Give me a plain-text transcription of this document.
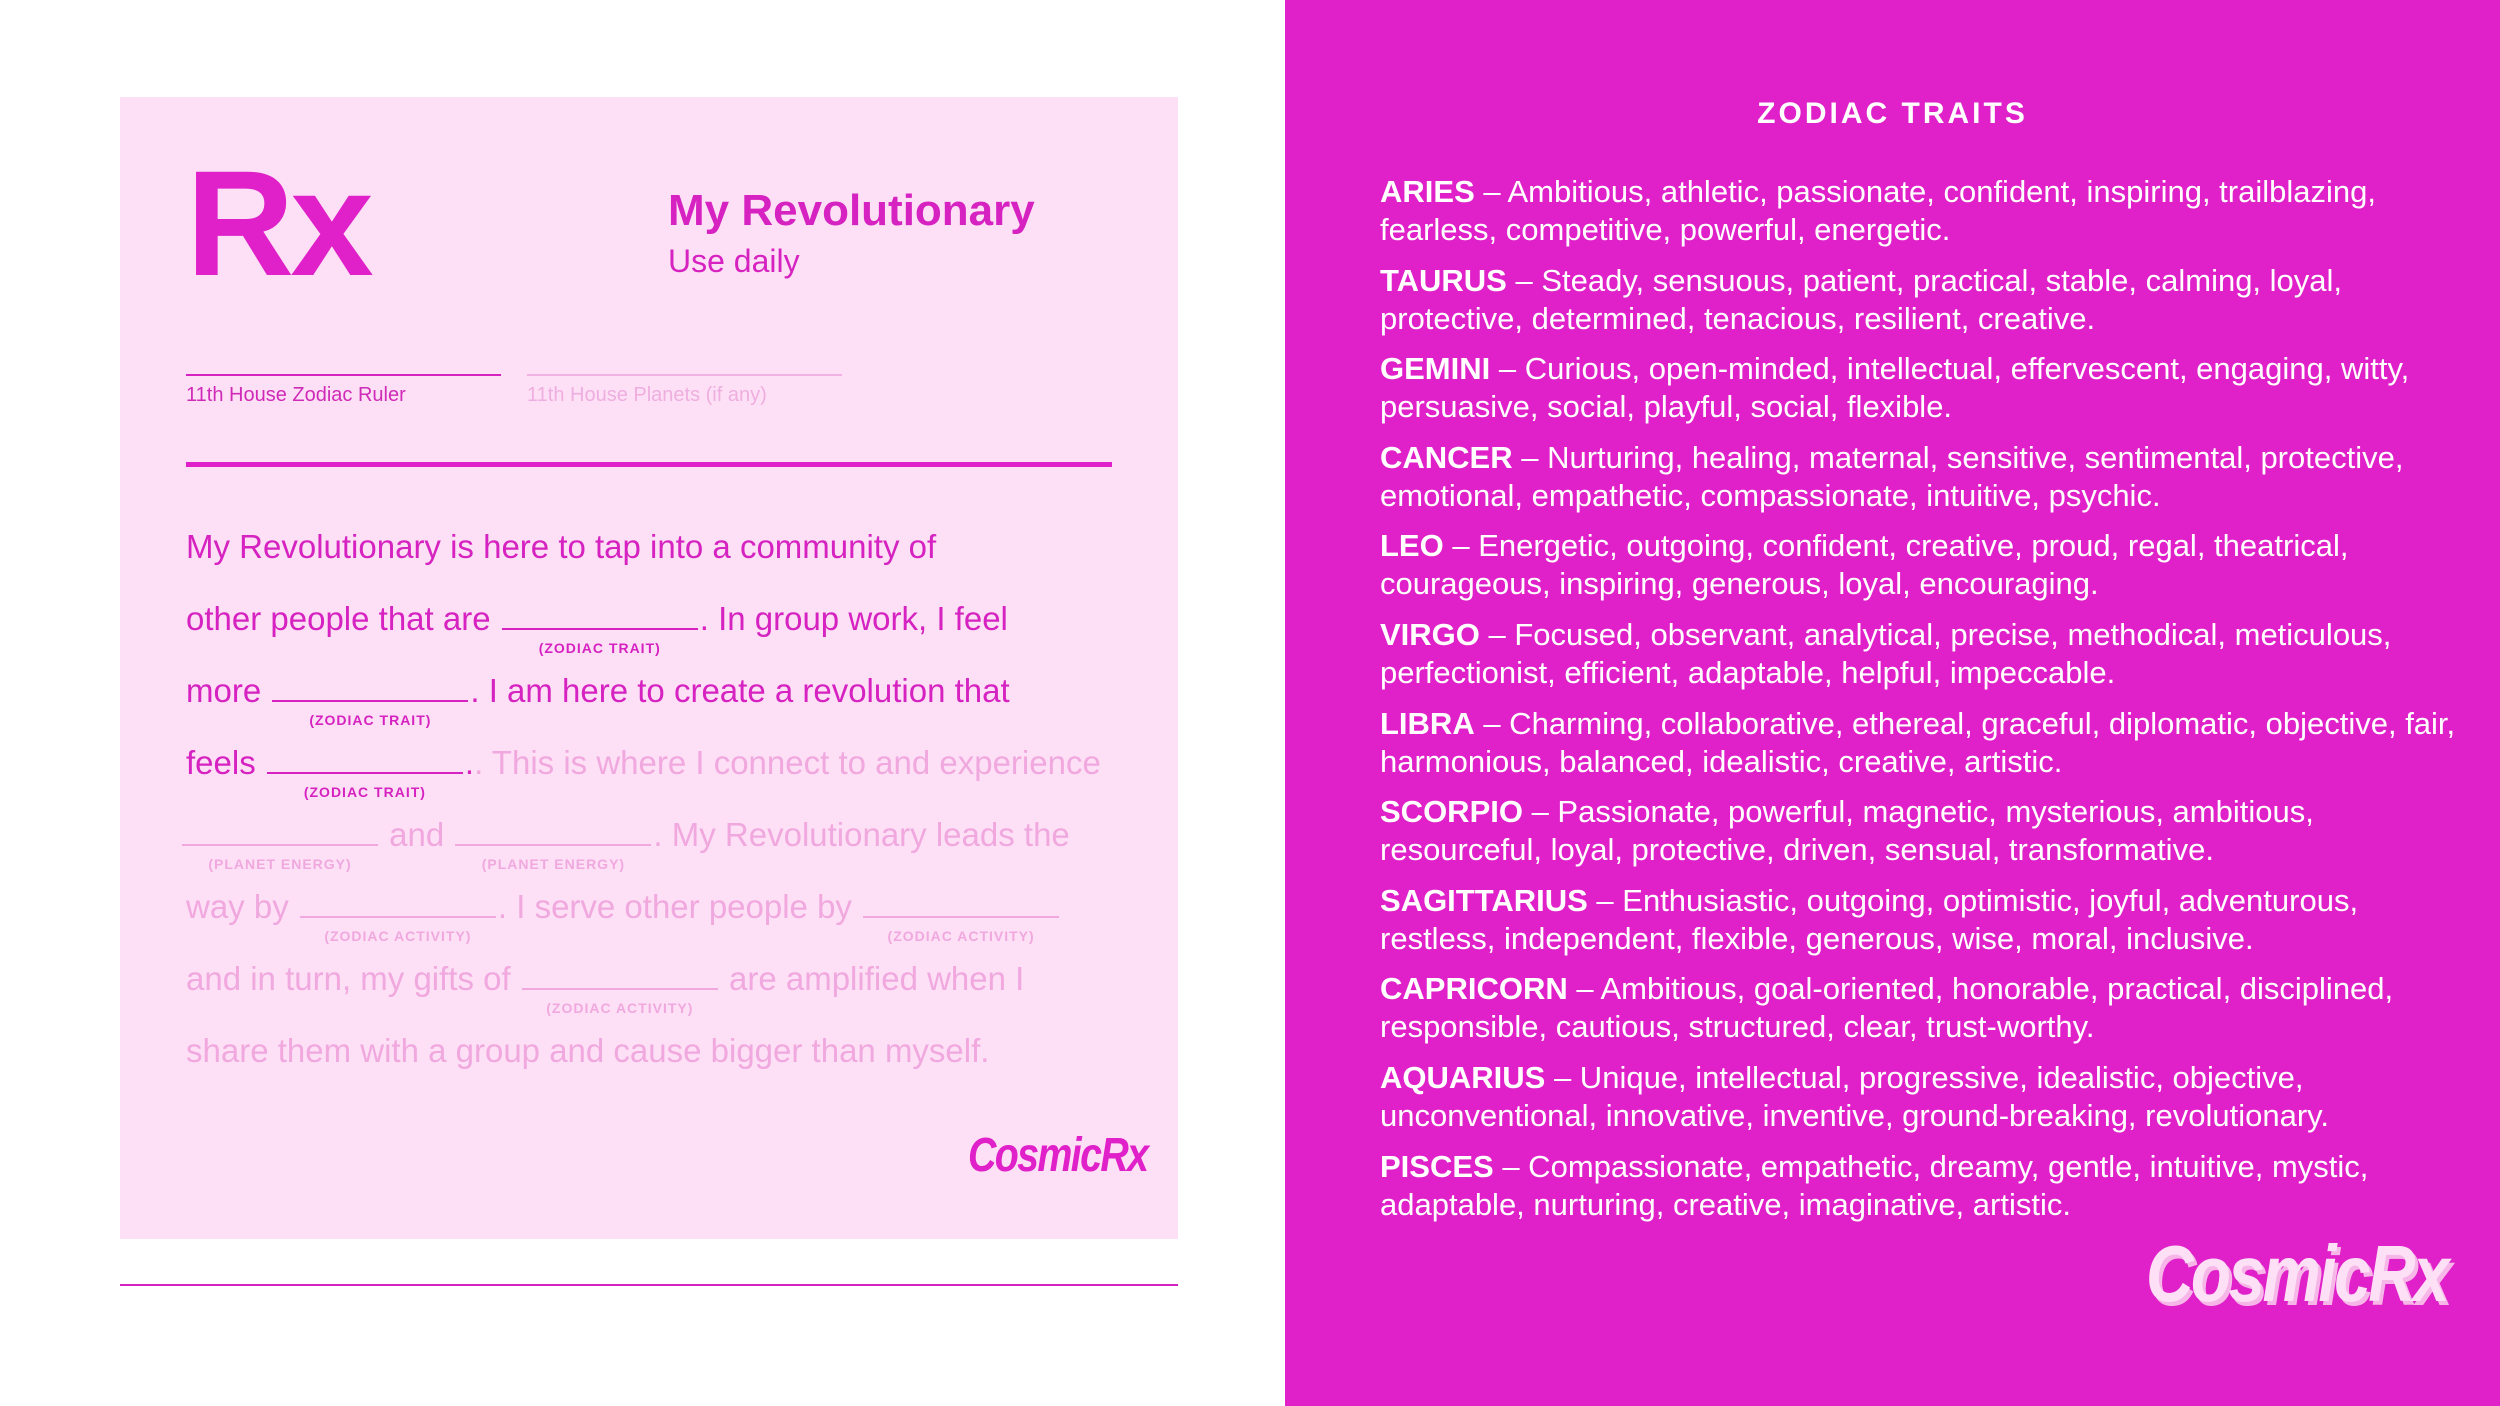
Rx	My Revolutionary
Use daily
11th House Zodiac Ruler	11th House Planets (if any)
My Revolutionary is here to tap into a community of
other people that are
(ZODIAC TRAIT)
. In group work, I feel
more
(ZODIAC TRAIT)
. I am here to create a revolution that
feels
(ZODIAC TRAIT)
.. This is where I connect to and experience
(PLANET ENERGY)
and
(PLANET ENERGY)
. My Revolutionary leads the
way by
(ZODIAC ACTIVITY)
. I serve other people by
(ZODIAC ACTIVITY)
and in turn, my gifts of
(ZODIAC ACTIVITY)
are amplified when I
share them with a group and cause bigger than myself.
CosmicRx
ZODIAC TRAITS
ARIES – Ambitious, athletic, passionate, confident, inspiring, trailblazing, fearless, competitive, powerful, energetic.
TAURUS – Steady, sensuous, patient, practical, stable, calming, loyal, protective, determined, tenacious, resilient, creative.
GEMINI – Curious, open-minded, intellectual, effervescent, engaging, witty, persuasive, social, playful, social, flexible.
CANCER – Nurturing, healing, maternal, sensitive, sentimental, protective, emotional, empathetic, compassionate, intuitive, psychic.
LEO – Energetic, outgoing, confident, creative, proud, regal, theatrical, courageous, inspiring, generous, loyal, encouraging.
VIRGO – Focused, observant, analytical, precise, methodical, meticulous, perfectionist, efficient, adaptable, helpful, impeccable.
LIBRA – Charming, collaborative, ethereal, graceful, diplomatic, objective, fair, harmonious, balanced, idealistic, creative, artistic.
SCORPIO – Passionate, powerful, magnetic, mysterious, ambitious, resourceful, loyal, protective, driven, sensual, transformative.
SAGITTARIUS – Enthusiastic, outgoing, optimistic, joyful, adventurous, restless, independent, flexible, generous, wise, moral, inclusive.
CAPRICORN – Ambitious, goal-oriented, honorable, practical, disciplined, responsible, cautious, structured, clear, trust-worthy.
AQUARIUS – Unique, intellectual, progressive, idealistic, objective, unconventional, innovative, inventive, ground-breaking, revolutionary.
PISCES – Compassionate, empathetic, dreamy, gentle, intuitive, mystic, adaptable, nurturing, creative, imaginative, artistic.
CosmicRx
